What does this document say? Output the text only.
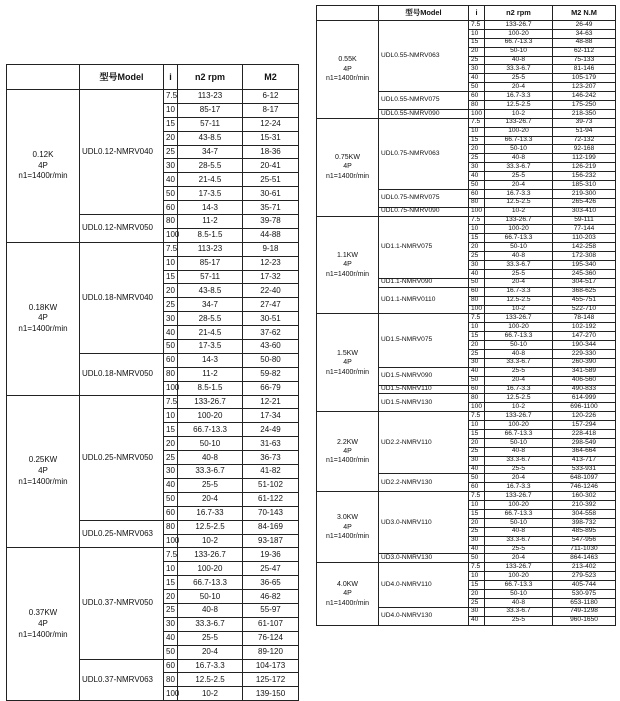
	型号Model	i	n2 rpm	M2

0.12K
4P
n1=1400r/min	UDL0.12-NMRV040	7.5	113-23	6-12
		10	85-17	8-17
		15	57-11	12-24
		20	43-8.5	15-31
		25	34-7	18-36
		30	28-5.5	20-41
		40	21-4.5	25-51
		50	17-3.5	30-61
		60	14-3	35-71
	UDL0.12-NMRV050	80	11-2	39-78
		100	8.5-1.5	44-88

0.18KW
4P
n1=1400r/min	UDL0.18-NMRV040	7.5	113-23	9-18
		10	85-17	12-23
		15	57-11	17-32
		20	43-8.5	22-40
		25	34-7	27-47
		30	28-5.5	30-51
		40	21-4.5	37-62
		50	17-3.5	43-60
	UDL0.18-NMRV050	60	14-3	50-80
		80	11-2	59-82
		100	8.5-1.5	66-79

0.25KW
4P
n1=1400r/min	UDL0.25-NMRV050	7.5	133-26.7	12-21
		10	100-20	17-34
		15	66.7-13.3	24-49
		20	50-10	31-63
		25	40-8	36-73
		30	33.3-6.7	41-82
		40	25-5	51-102
		50	20-4	61-122
		60	16.7-33	70-143
	UDL0.25-NMRV063	80	12.5-2.5	84-169
		100	10-2	93-187

0.37KW
4P
n1=1400r/min	UDL0.37-NMRV050	7.5	133-26.7	19-36
		10	100-20	25-47
		15	66.7-13.3	36-65
		20	50-10	46-82
		25	40-8	55-97
		30	33.3-6.7	61-107
		40	25-5	76-124
		50	20-4	89-120
	UDL0.37-NMRV063	60	16.7-3.3	104-173
		80	12.5-2.5	125-172
		100	10-2	139-150
	型号Model	i	n2 rpm	M2 N.M

0.55K
4P
n1=1400r/min	UDL0.55-NMRV063	7.5	133-26.7	26-49
		10	100-20	34-63
		15	66.7-13.3	48-88
		20	50-10	62-112
		25	40-8	75-133
		30	33.3-6.7	81-146
		40	25-5	105-179
		50	20-4	123-207
	UDL0.55-NMRV075	60	16.7-3.3	146-242
		80	12.5-2.5	175-250
	UDL0.55-NMRV090	100	10-2	218-350

0.75KW
4P
n1=1400r/min	UDL0.75-NMRV063	7.5	133-26.7	39-73
		10	100-20	51-94
		15	66.7-13.3	72-132
		20	50-10	92-168
		25	40-8	112-199
		30	33.3-6.7	126-219
		40	25-5	156-232
		50	20-4	185-310
	UDL0.75-NMRV075	60	16.7-3.3	219-300
		80	12.5-2.5	265-426
	UDL0.75-NMRV090	100	10-2	303-410

1.1KW
4P
n1=1400r/min	UD1.1-NMRV075	7.5	133-26.7	59-111
		10	100-20	77-144
		15	66.7-13.3	110-203
		20	50-10	142-258
		25	40-8	172-308
		30	33.3-6.7	195-340
		40	25-5	245-360
	UD1.1-NMRV090	50	20-4	304-517
	UD1.1-NMRV0110	60	16.7-3.3	368-625
		80	12.5-2.5	455-751
		100	10-2	522-710

1.5KW
4P
n1=1400r/min	UD1.5-NMRV075	7.5	133-26.7	78-148
		10	100-20	102-192
		15	66.7-13.3	147-270
		20	50-10	190-344
		25	40-8	229-330
		30	33.3-6.7	260-390
	UD1.5-NMRV090	40	25-5	341-589
		50	20-4	406-560
	UD1.5-NMRV110	60	16.7-3.3	490-833
	UD1.5-NMRV130	80	12.5-2.5	614-999
		100	10-2	696-1100

2.2KW
4P
n1=1400r/min	UD2.2-NMRV110	7.5	133-26.7	120-226
		10	100-20	157-294
		15	66.7-13.3	228-418
		20	50-10	298-549
		25	40-8	364-664
		30	33.3-6.7	413-717
		40	25-5	533-931
	UD2.2-NMRV130	50	20-4	648-1097
		60	16.7-3.3	746-1246

3.0KW
4P
n1=1400r/min	UD3.0-NMRV110	7.5	133-26.7	160-302
		10	100-20	210-392
		15	66.7-13.3	304-558
		20	50-10	398-732
		25	40-8	485-895
		30	33.3-6.7	547-956
		40	25-5	711-1030
	UD3.0-NMRV130	50	20-4	864-1463

4.0KW
4P
n1=1400r/min	UD4.0-NMRV110	7.5	133-26.7	213-402
		10	100-20	279-523
		15	66.7-13.3	405-744
		20	50-10	530-975
		25	40-8	653-1180
	UD4.0-NMRV130	30	33.3-6.7	749-1298
		40	25-5	960-1650
